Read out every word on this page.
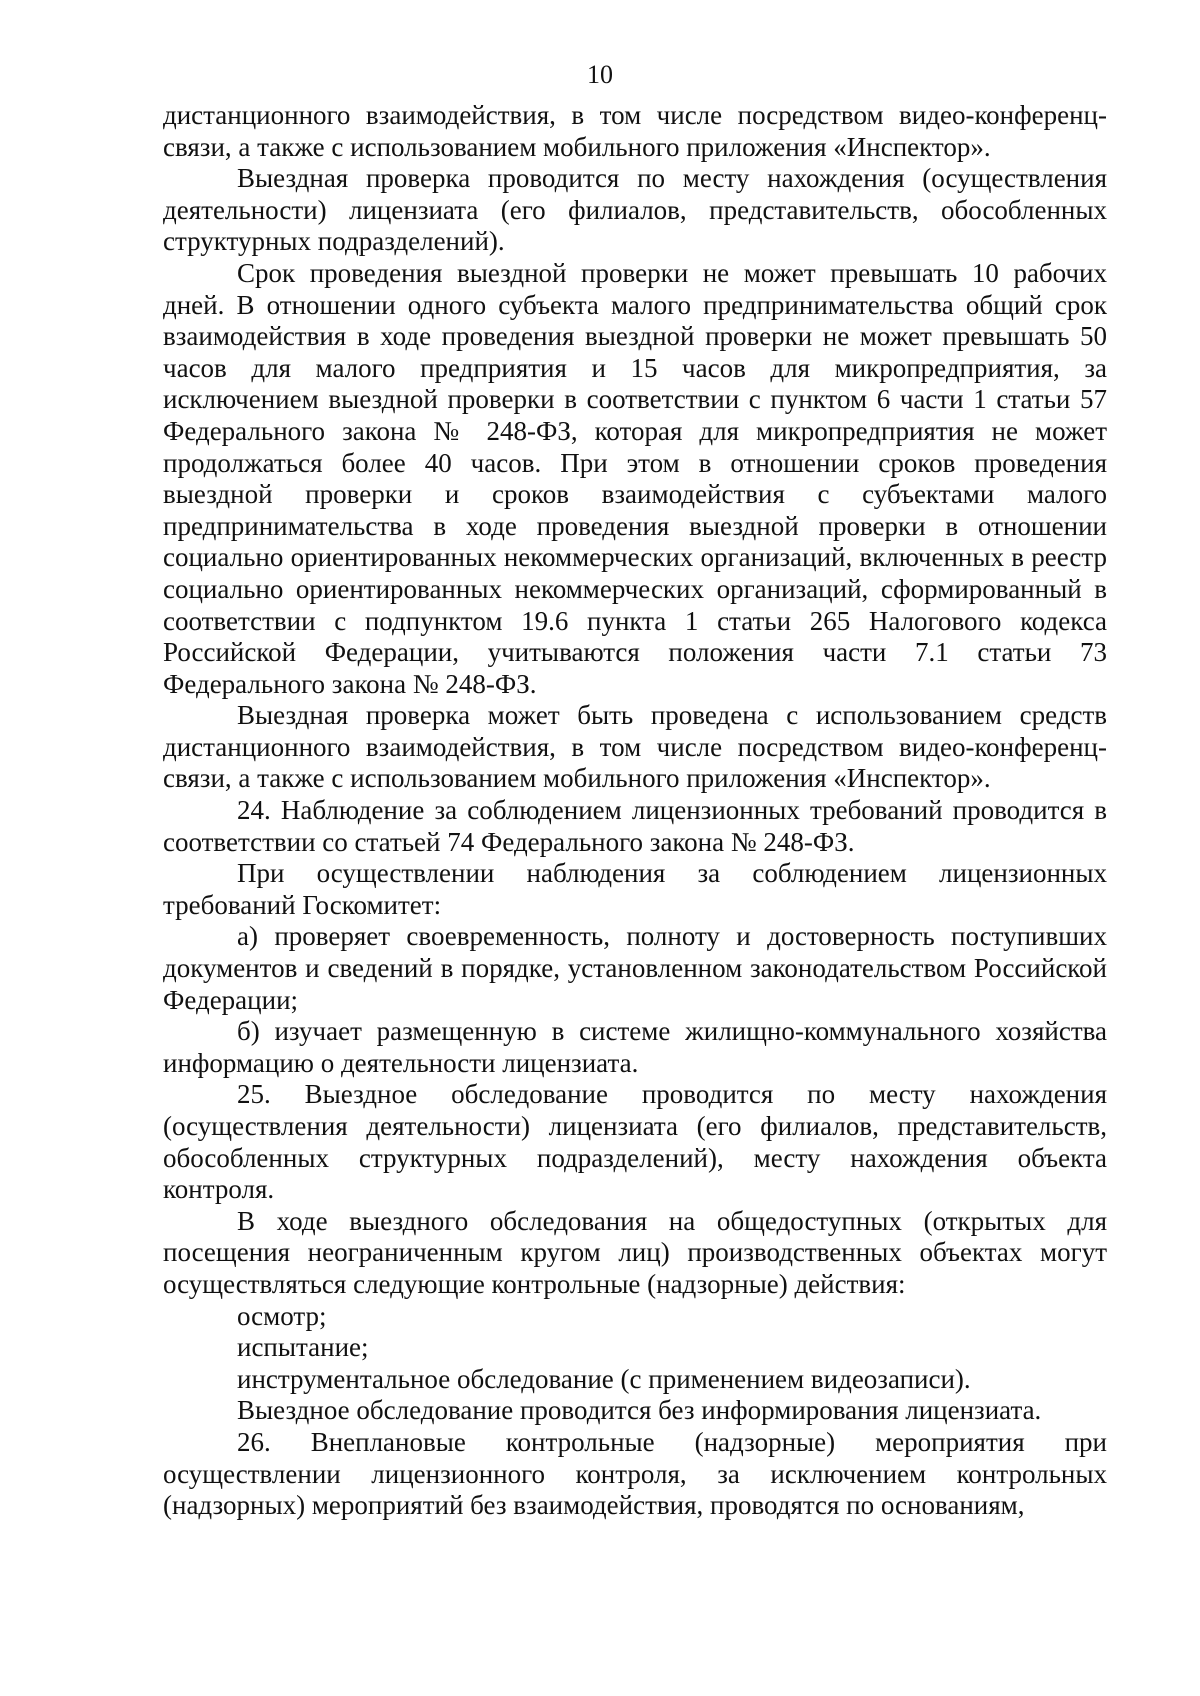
10

дистанционного взаимодействия, в том числе посредством видео-конференц-связи, а также с использованием мобильного приложения «Инспектор».

Выездная проверка проводится по месту нахождения (осуществления деятельности) лицензиата (его филиалов, представительств, обособленных структурных подразделений).

Срок проведения выездной проверки не может превышать 10 рабочих дней. В отношении одного субъекта малого предпринимательства общий срок взаимодействия в ходе проведения выездной проверки не может превышать 50 часов для малого предприятия и 15 часов для микропредприятия, за исключением выездной проверки в соответствии с пунктом 6 части 1 статьи 57 Федерального закона № 248-ФЗ, которая для микропредприятия не может продолжаться более 40 часов. При этом в отношении сроков проведения выездной проверки и сроков взаимодействия с субъектами малого предпринимательства в ходе проведения выездной проверки в отношении социально ориентированных некоммерческих организаций, включенных в реестр социально ориентированных некоммерческих организаций, сформированный в соответствии с подпунктом 19.6 пункта 1 статьи 265 Налогового кодекса Российской Федерации, учитываются положения части 7.1 статьи 73 Федерального закона № 248-ФЗ.

Выездная проверка может быть проведена с использованием средств дистанционного взаимодействия, в том числе посредством видео-конференц-связи, а также с использованием мобильного приложения «Инспектор».

24. Наблюдение за соблюдением лицензионных требований проводится в соответствии со статьей 74 Федерального закона № 248-ФЗ.

При осуществлении наблюдения за соблюдением лицензионных требований Госкомитет:

а) проверяет своевременность, полноту и достоверность поступивших документов и сведений в порядке, установленном законодательством Российской Федерации;

б) изучает размещенную в системе жилищно-коммунального хозяйства информацию о деятельности лицензиата.

25. Выездное обследование проводится по месту нахождения (осуществления деятельности) лицензиата (его филиалов, представительств, обособленных структурных подразделений), месту нахождения объекта контроля.

В ходе выездного обследования на общедоступных (открытых для посещения неограниченным кругом лиц) производственных объектах могут осуществляться следующие контрольные (надзорные) действия:

осмотр;

испытание;

инструментальное обследование (с применением видеозаписи).

Выездное обследование проводится без информирования лицензиата.

26. Внеплановые контрольные (надзорные) мероприятия при осуществлении лицензионного контроля, за исключением контрольных (надзорных) мероприятий без взаимодействия, проводятся по основаниям,
